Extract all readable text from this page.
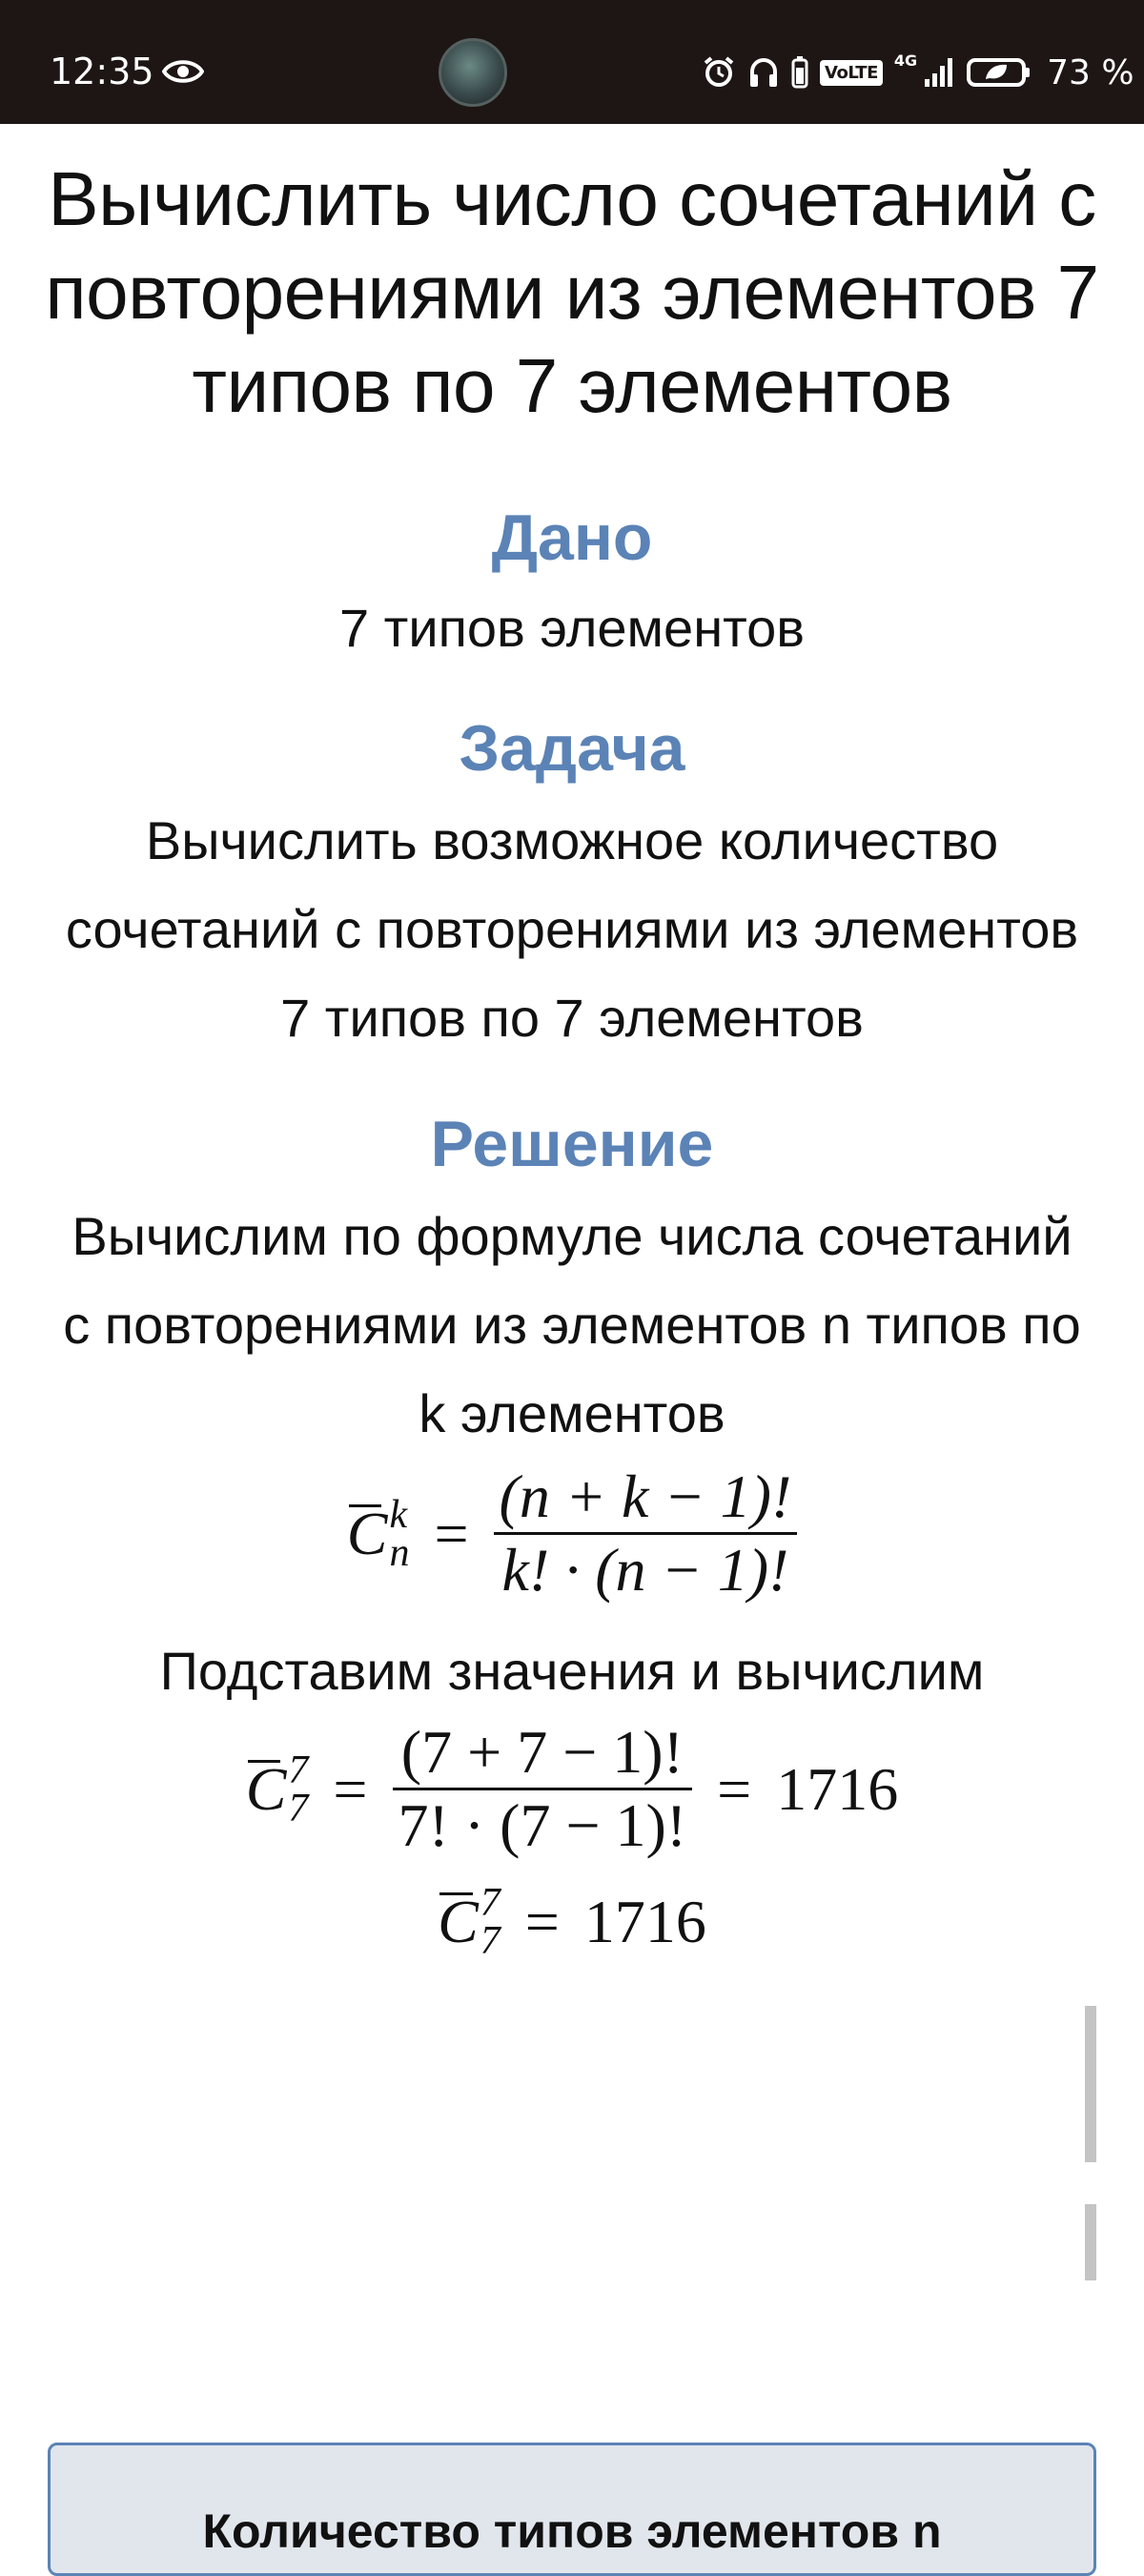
12:35	VoLTE
4G	73 %
Вычислить число сочетаний с повторениями из элементов 7 типов по 7 элементов
Дано

7 типов элементов

Задача

Вычислить возможное количество сочетаний с повторениями из элементов 7 типов по 7 элементов

Решение

Вычислим по формуле числа сочетаний с повторениями из элементов n типов по k элементов

C k
$n = \frac{(n + k - 1)!}{k! \cdot (n - 1)!}$

Подставим значения и вычислим

C 7
$7 = \frac{(7 + 7 - 1)!}{7! \cdot (7 - 1)!} = 1716$
C 7
7 = 1716
Количество типов элементов n
